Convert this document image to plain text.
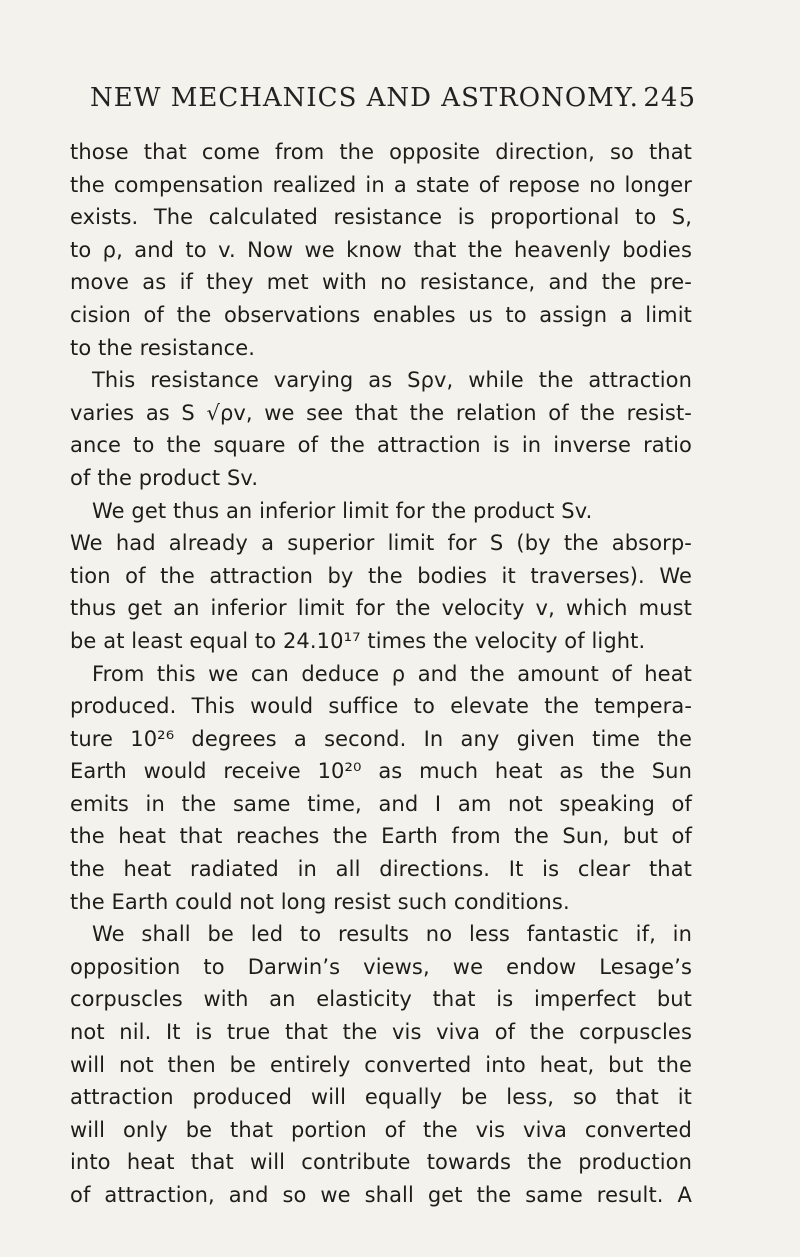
NEW MECHANICS AND ASTRONOMY. 245
those that come from the opposite direction, so that
the compensation realized in a state of repose no longer
exists. The calculated resistance is proportional to S,
to ρ, and to v. Now we know that the heavenly bodies
move as if they met with no resistance, and the pre-
cision of the observations enables us to assign a limit
to the resistance.
This resistance varying as Sρv, while the attraction
varies as S √ρv, we see that the relation of the resist-
ance to the square of the attraction is in inverse ratio
of the product Sv.
We get thus an inferior limit for the product Sv.
We had already a superior limit for S (by the absorp-
tion of the attraction by the bodies it traverses). We
thus get an inferior limit for the velocity v, which must
be at least equal to 24.10¹⁷ times the velocity of light.
From this we can deduce ρ and the amount of heat
produced. This would suffice to elevate the tempera-
ture 10²⁶ degrees a second. In any given time the
Earth would receive 10²⁰ as much heat as the Sun
emits in the same time, and I am not speaking of
the heat that reaches the Earth from the Sun, but of
the heat radiated in all directions. It is clear that
the Earth could not long resist such conditions.
We shall be led to results no less fantastic if, in
opposition to Darwin’s views, we endow Lesage’s
corpuscles with an elasticity that is imperfect but
not nil. It is true that the vis viva of the corpuscles
will not then be entirely converted into heat, but the
attraction produced will equally be less, so that it
will only be that portion of the vis viva converted
into heat that will contribute towards the production
of attraction, and so we shall get the same result. A
